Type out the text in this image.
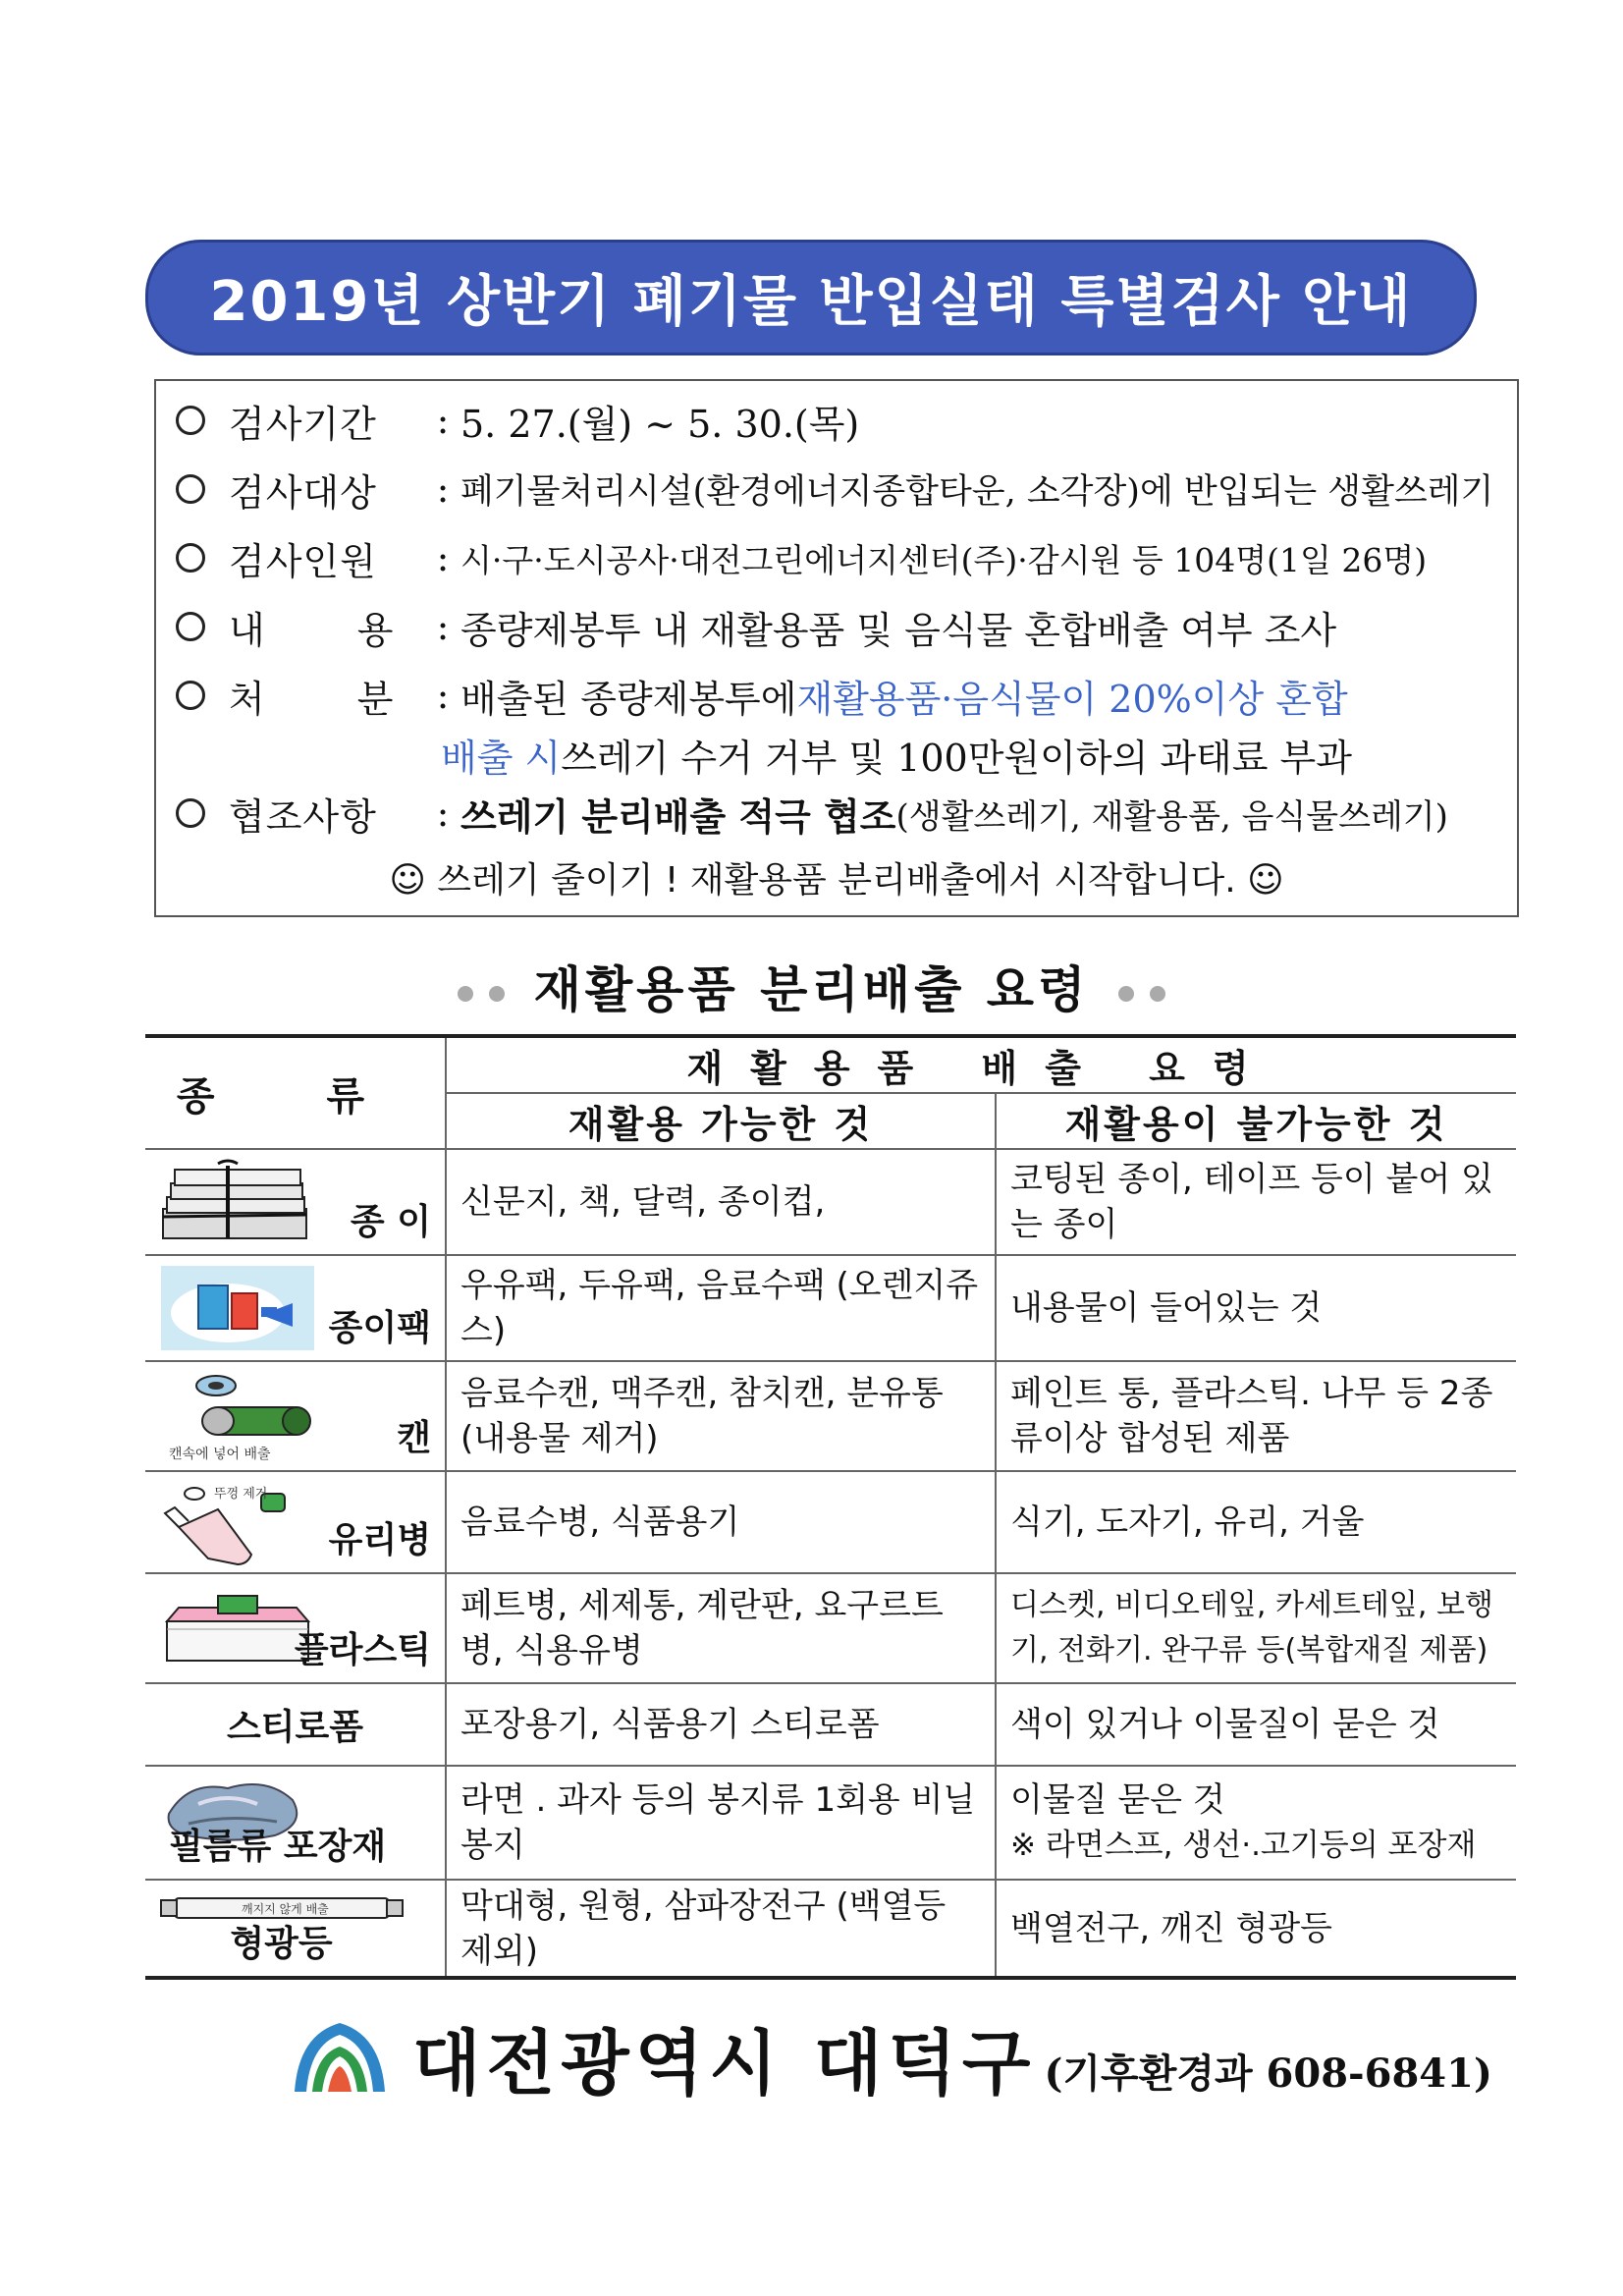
2019년 상반기 폐기물 반입실태 특별검사 안내
검사기간	: 5. 27.(월) ~ 5. 30.(목)
검사대상	: 폐기물처리시설(환경에너지종합타운, 소각장)에 반입되는 생활쓰레기
검사인원	: 시·구·도시공사·대전그린에너지센터(주)·감시원 등 104명(1일 26명)
내 용	: 종량제봉투 내 재활용품 및 음식물 혼합배출 여부 조사
처 분	: 배출된 종량제봉투에 재활용품·음식물이 20%이상 혼합
배출 시 쓰레기 수거 거부 및 100만원이하의 과태료 부과
협조사항	: 쓰레기 분리배출 적극 협조 (생활쓰레기, 재활용품, 음식물쓰레기)
☺ 쓰레기 줄이기 ! 재활용품 분리배출에서 시작합니다. ☺
재활용품 분리배출 요령
종 류	재활용품 배출 요령	
	재활용 가능한 것	재활용이 불가능한 것

종 이	신문지, 책, 달력, 종이컵,	코팅된 종이, 테이프 등이 붙어 있는 종이

종이팩	우유팩, 두유팩, 음료수팩 (오렌지쥬스)	내용물이 들어있는 것

캔속에 넣어 배출 캔	음료수캔, 맥주캔, 참치캔, 분유통 (내용물 제거)	페인트 통, 플라스틱. 나무 등 2종류이상 합성된 제품

뚜껑 제거
유리병	음료수병, 식품용기	식기, 도자기, 유리, 거울

플라스틱	페트병, 세제통, 계란판, 요구르트병, 식용유병	디스켓, 비디오테잎, 카세트테잎, 보행기, 전화기. 완구류 등(복합재질 제품)

스티로폼	포장용기, 식품용기 스티로폼	색이 있거나 이물질이 묻은 것

필름류 포장재	라면 . 과자 등의 봉지류 1회용 비닐봉지	이물질 묻은 것
※ 라면스프, 생선·.고기등의 포장재

깨지지 않게 배출
형광등	막대형, 원형, 삼파장전구 (백열등 제외)	백열전구, 깨진 형광등
대전광역시 대덕구 (기후환경과 608-6841)
